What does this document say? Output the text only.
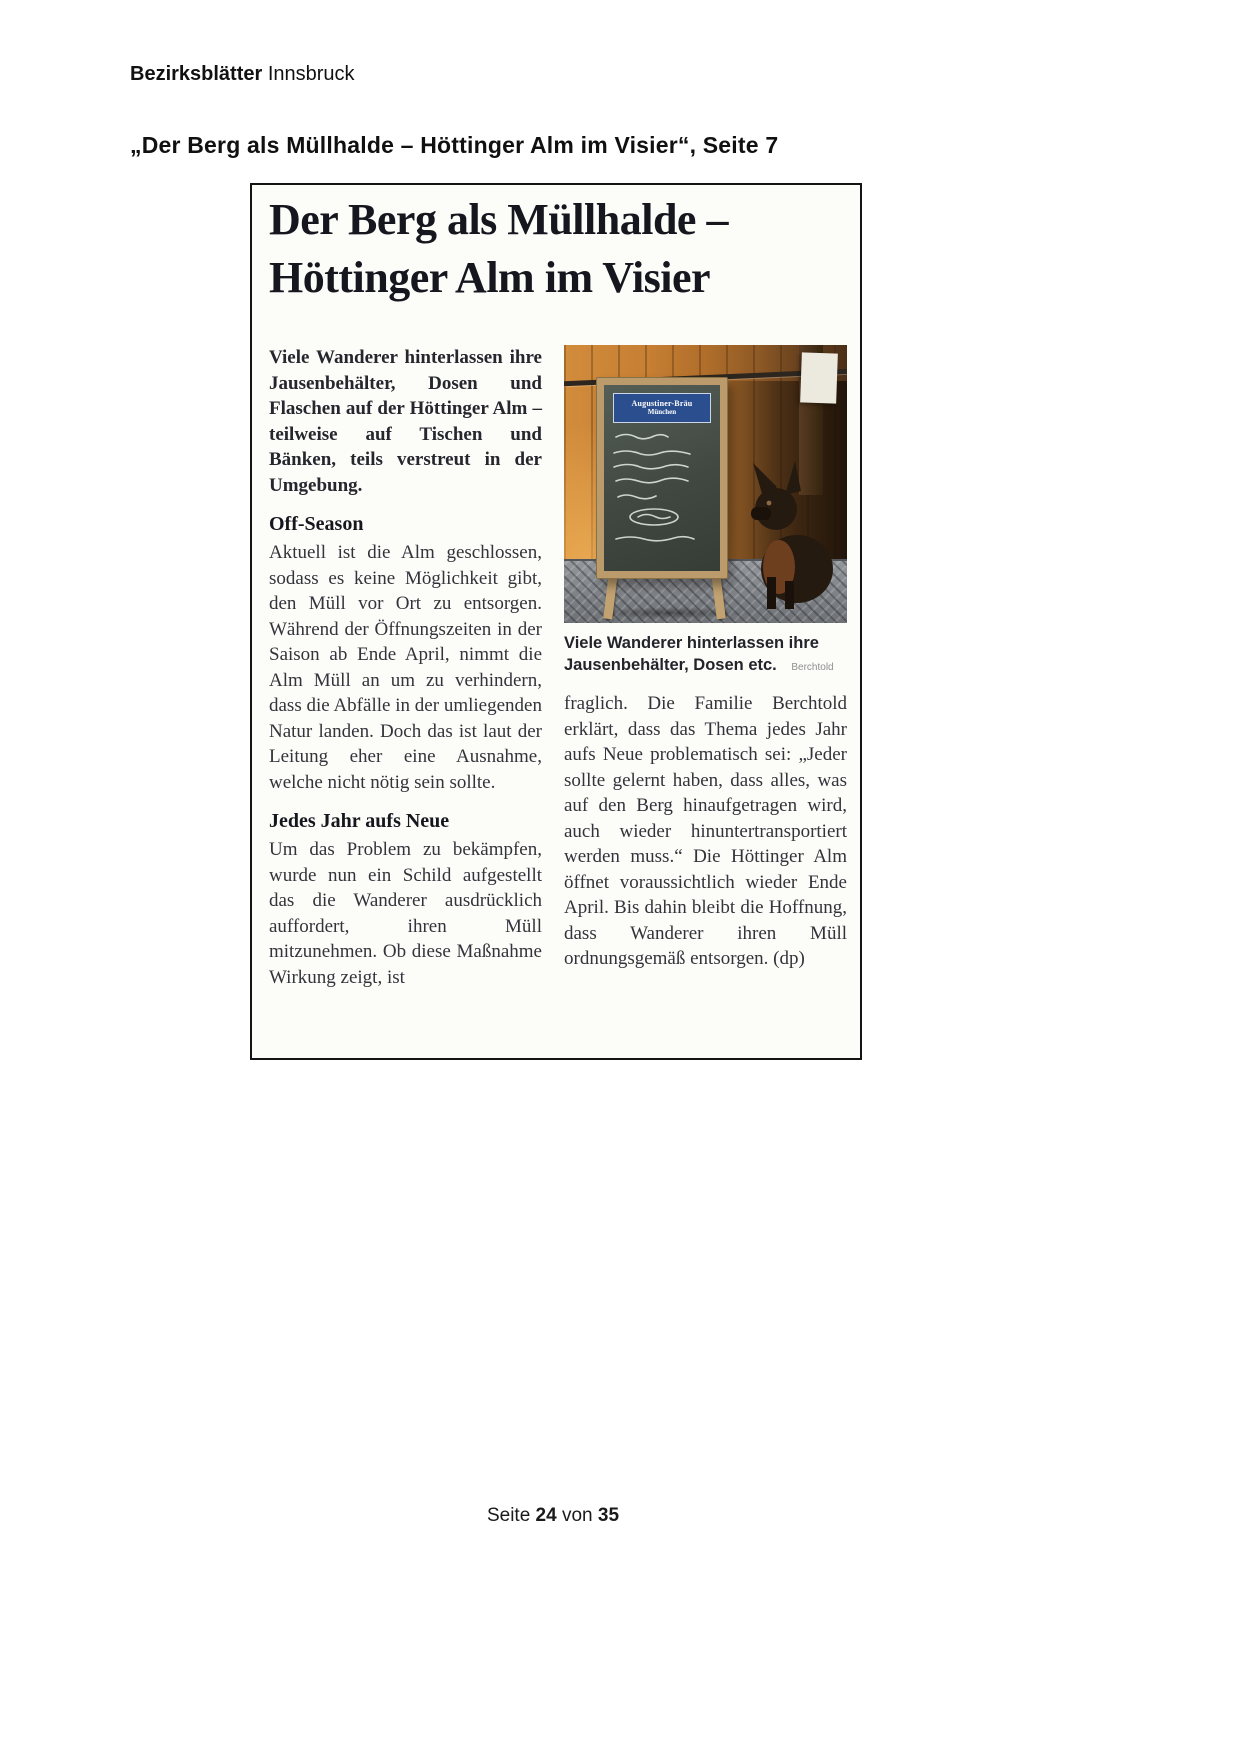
Bezirksblätter Innsbruck
„Der Berg als Müllhalde – Höttinger Alm im Visier“, Seite 7
Der Berg als Müllhalde –
Höttinger Alm im Visier

Viele Wanderer hinterlassen ihre Jausenbehälter, Dosen und Flaschen auf der Höttinger Alm – teilweise auf Tischen und Bänken, teils verstreut in der Umgebung.

Off-Season

Aktuell ist die Alm geschlossen, sodass es keine Möglichkeit gibt, den Müll vor Ort zu entsorgen. Während der Öffnungszeiten in der Saison ab Ende April, nimmt die Alm Müll an um zu verhindern, dass die Abfälle in der umliegenden Natur landen. Doch das ist laut der Leitung eher eine Ausnahme, welche nicht nötig sein sollte.

Jedes Jahr aufs Neue

Um das Problem zu bekämpfen, wurde nun ein Schild aufgestellt das die Wanderer ausdrücklich auffordert, ihren Müll mitzunehmen. Ob diese Maßnahme Wirkung zeigt, ist

Augustiner-Bräu
München
Viele Wanderer hinterlassen ihre Jausenbehälter, Dosen etc. Berchtold

fraglich. Die Familie Berchtold erklärt, dass das Thema jedes Jahr aufs Neue problematisch sei: „Jeder sollte gelernt haben, dass alles, was auf den Berg hinaufgetragen wird, auch wieder hinuntertransportiert werden muss.“ Die Höttinger Alm öffnet voraussichtlich wieder Ende April. Bis dahin bleibt die Hoffnung, dass Wanderer ihren Müll ordnungsgemäß entsorgen. (dp)

Seite 24 von 35
